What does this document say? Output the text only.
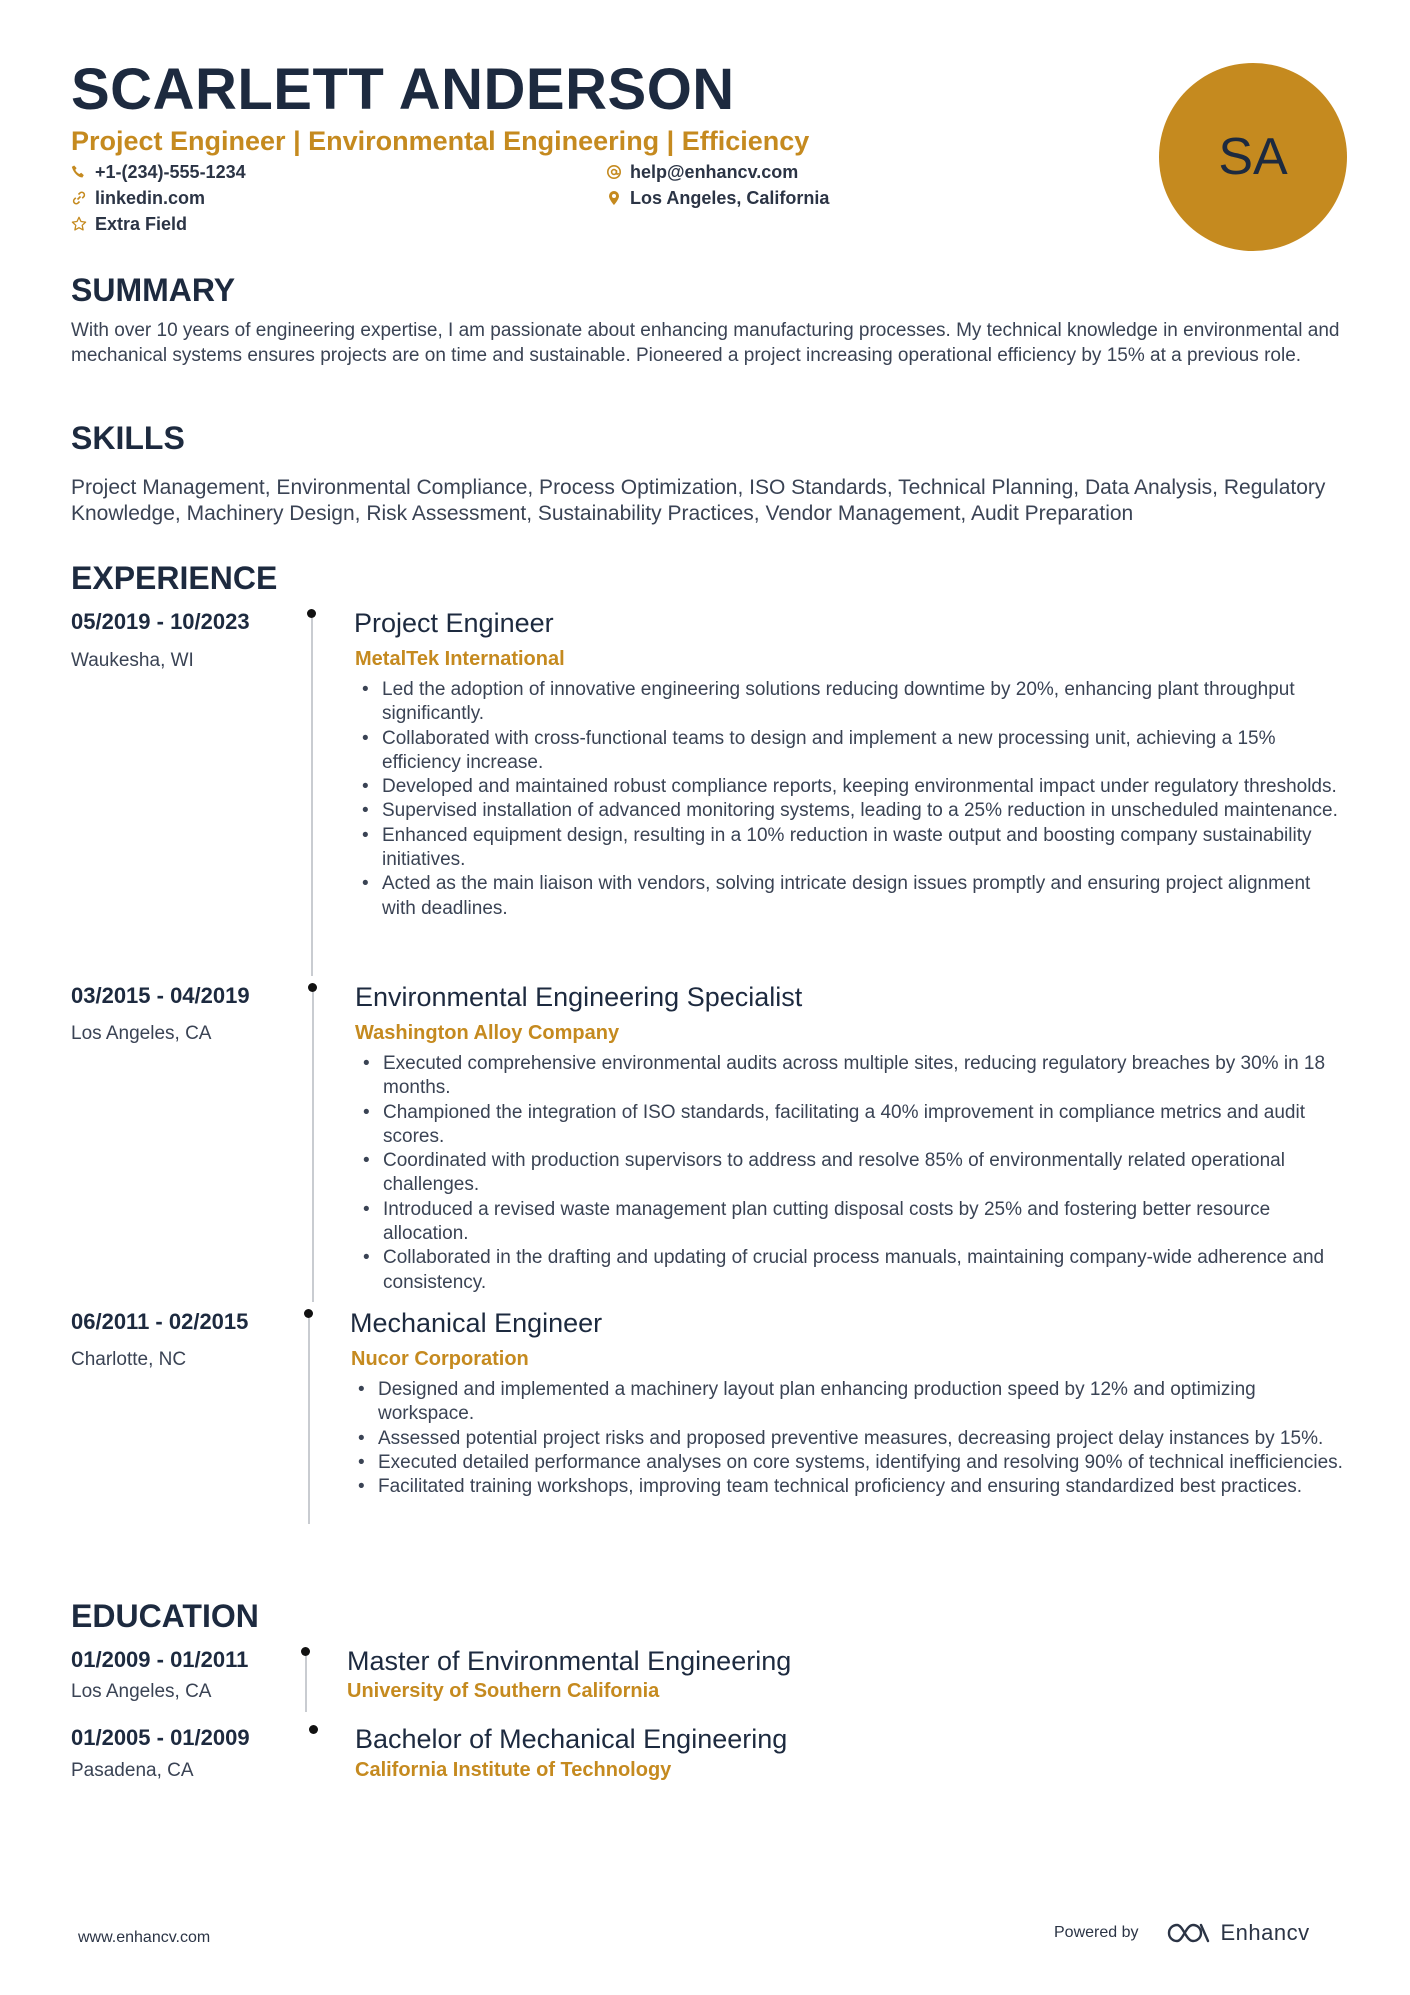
SCARLETT ANDERSON
Project Engineer | Environmental Engineering | Efficiency
+1-(234)-555-1234	help@enhancv.com
linkedin.com	Los Angeles, California
Extra Field
SA
SUMMARY
With over 10 years of engineering expertise, I am passionate about enhancing manufacturing processes. My technical knowledge in environmental and mechanical systems ensures projects are on time and sustainable. Pioneered a project increasing operational efficiency by 15% at a previous role.
SKILLS
Project Management, Environmental Compliance, Process Optimization, ISO Standards, Technical Planning, Data Analysis, Regulatory Knowledge, Machinery Design, Risk Assessment, Sustainability Practices, Vendor Management, Audit Preparation
EXPERIENCE
05/2019 - 10/2023
Waukesha, WI
Project Engineer
MetalTek International
• Led the adoption of innovative engineering solutions reducing downtime by 20%, enhancing plant throughput significantly.
• Collaborated with cross-functional teams to design and implement a new processing unit, achieving a 15% efficiency increase.
• Developed and maintained robust compliance reports, keeping environmental impact under regulatory thresholds.
• Supervised installation of advanced monitoring systems, leading to a 25% reduction in unscheduled maintenance.
• Enhanced equipment design, resulting in a 10% reduction in waste output and boosting company sustainability initiatives.
• Acted as the main liaison with vendors, solving intricate design issues promptly and ensuring project alignment with deadlines.
03/2015 - 04/2019
Los Angeles, CA
Environmental Engineering Specialist
Washington Alloy Company
• Executed comprehensive environmental audits across multiple sites, reducing regulatory breaches by 30% in 18 months.
• Championed the integration of ISO standards, facilitating a 40% improvement in compliance metrics and audit scores.
• Coordinated with production supervisors to address and resolve 85% of environmentally related operational challenges.
• Introduced a revised waste management plan cutting disposal costs by 25% and fostering better resource allocation.
• Collaborated in the drafting and updating of crucial process manuals, maintaining company-wide adherence and consistency.
06/2011 - 02/2015
Charlotte, NC
Mechanical Engineer
Nucor Corporation
• Designed and implemented a machinery layout plan enhancing production speed by 12% and optimizing workspace.
• Assessed potential project risks and proposed preventive measures, decreasing project delay instances by 15%.
• Executed detailed performance analyses on core systems, identifying and resolving 90% of technical inefficiencies.
• Facilitated training workshops, improving team technical proficiency and ensuring standardized best practices.
EDUCATION
01/2009 - 01/2011
Los Angeles, CA
Master of Environmental Engineering
University of Southern California
01/2005 - 01/2009
Pasadena, CA
Bachelor of Mechanical Engineering
California Institute of Technology
www.enhancv.com	Powered by	Enhancv
